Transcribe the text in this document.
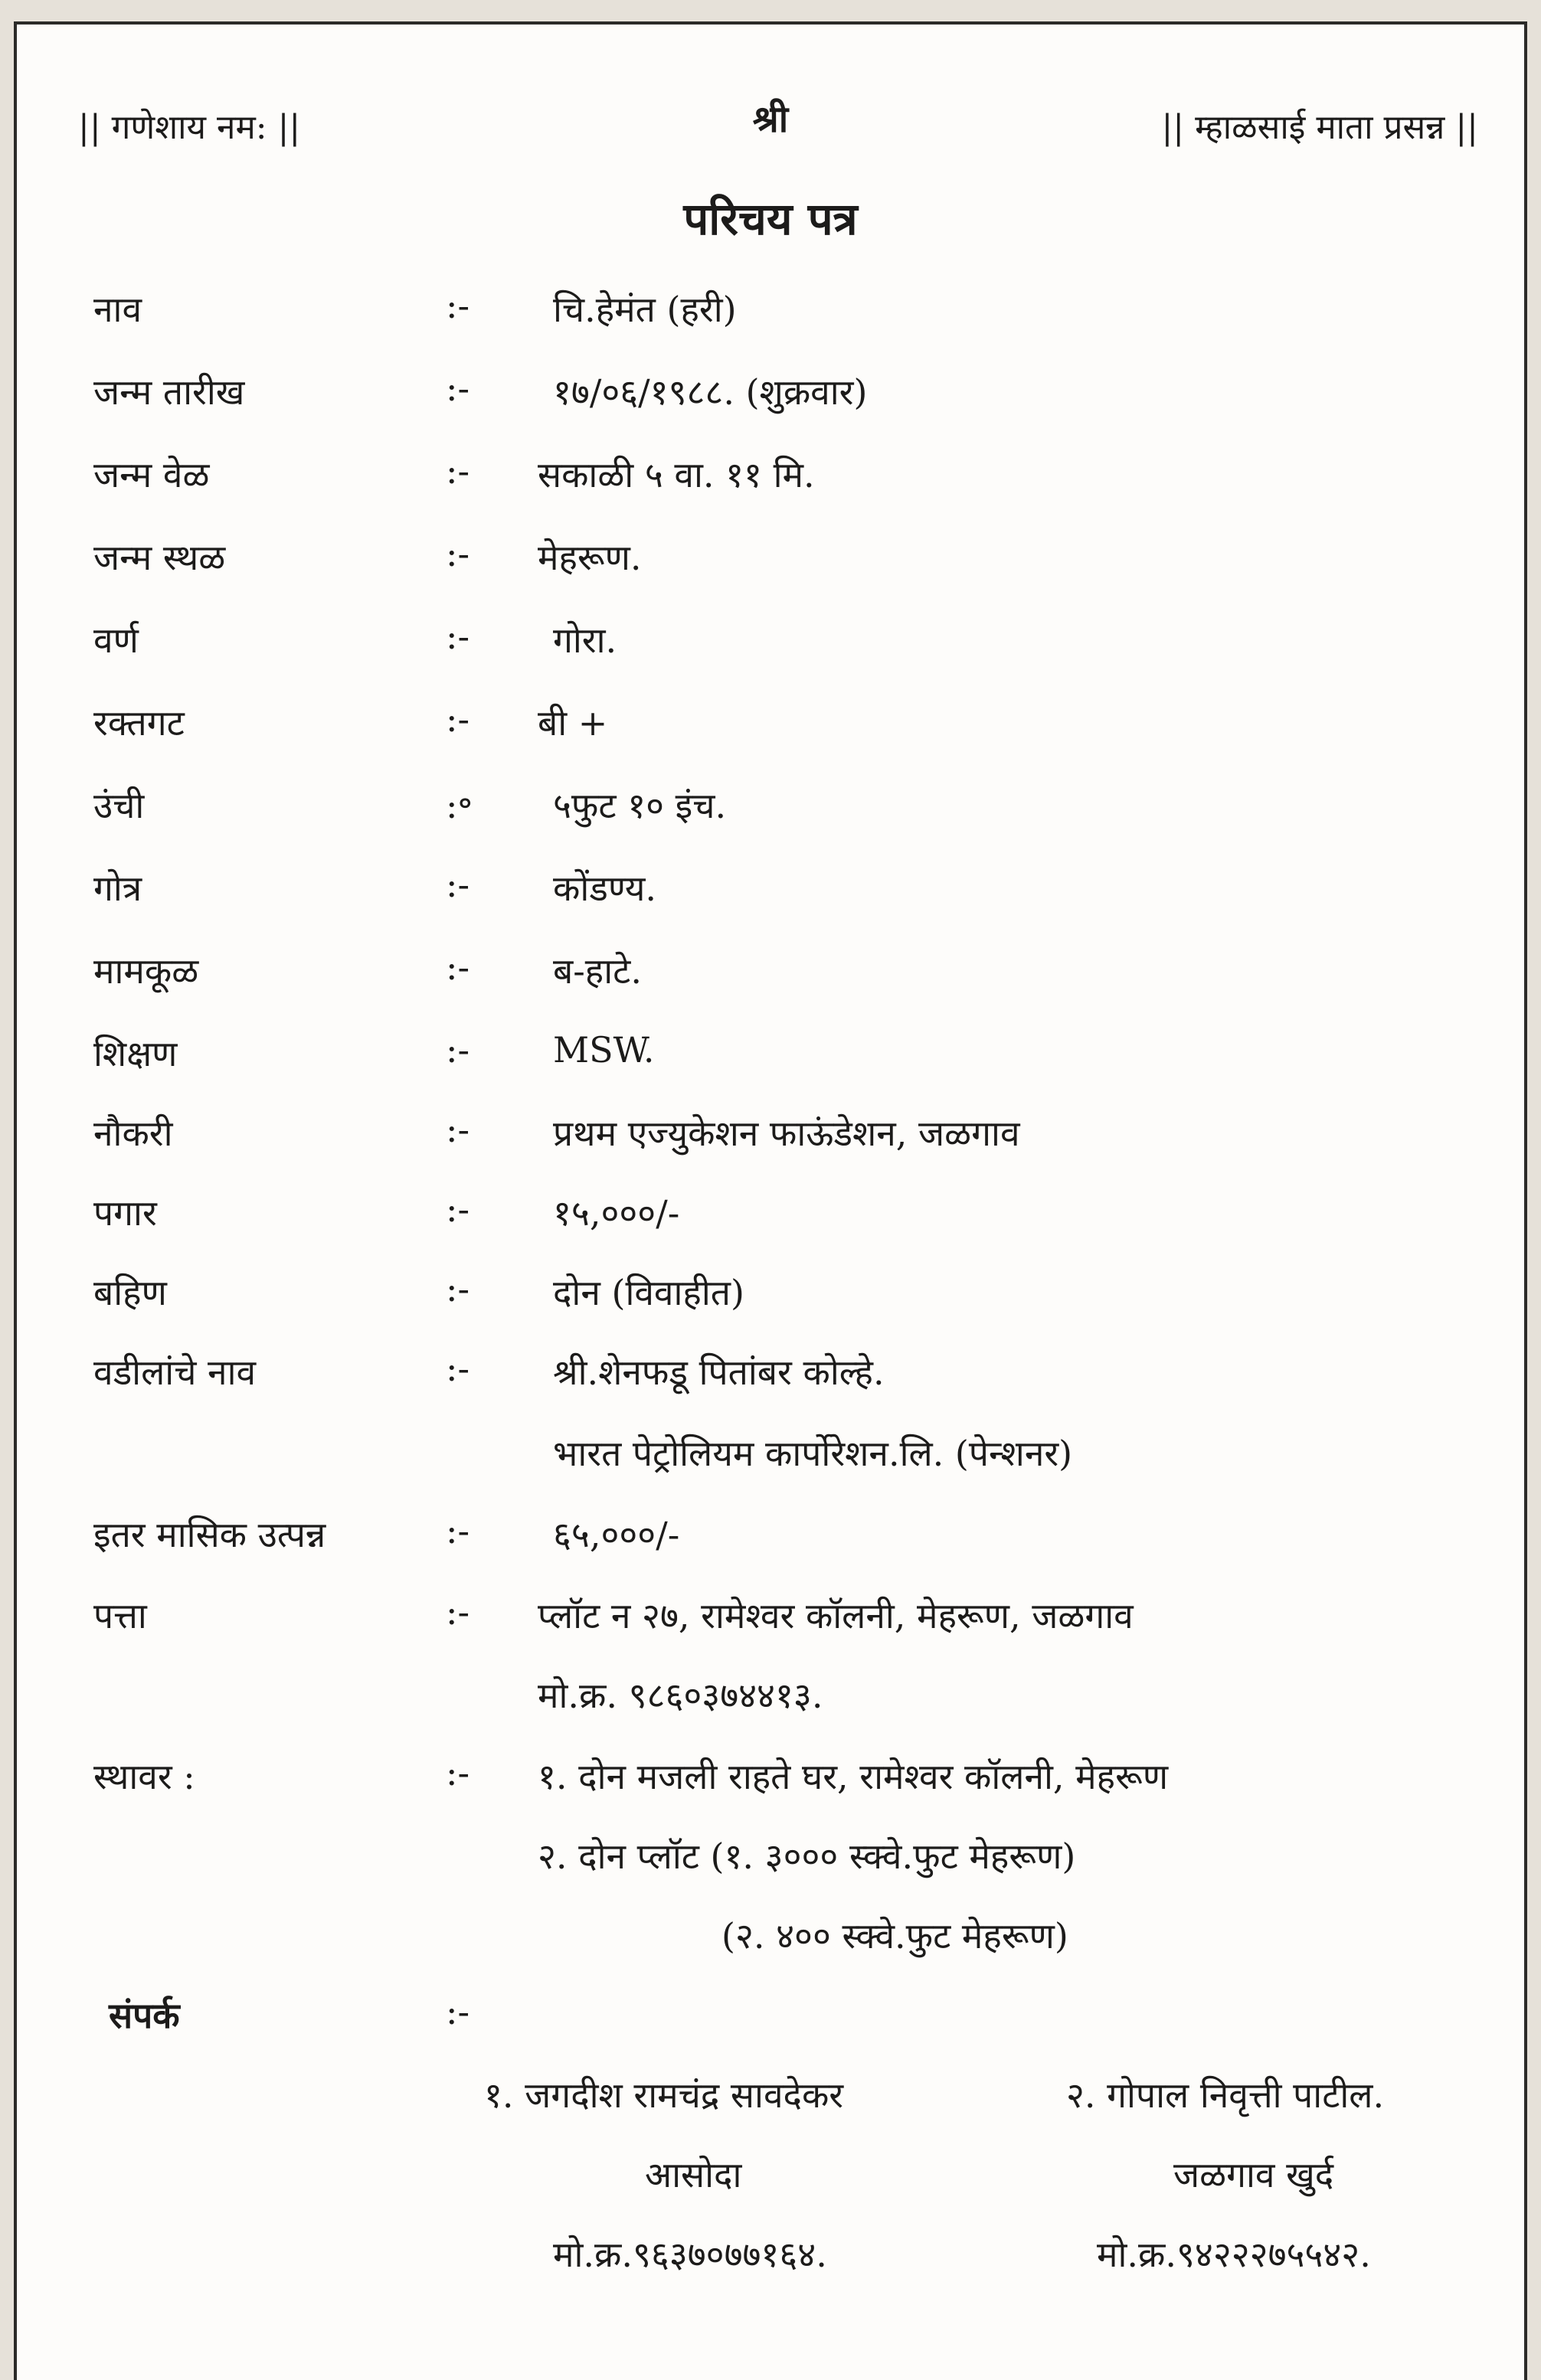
|| गणेशाय नम: ||	श्री	|| म्हाळसाई माता प्रसन्न ||
परिचय पत्र
नाव	:- चि.हेमंत (हरी)
जन्म तारीख	:- १७/०६/१९८८. (शुक्रवार)
जन्म वेळ	:- सकाळी ५ वा. ११ मि.
जन्म स्थळ	:- मेहरूण.
वर्ण	:- गोरा.
रक्तगट	:- बी +
उंची	:॰ ५फुट १० इंच.
गोत्र	:- कोंडण्य.
मामकूळ	:- ब-हाटे.
शिक्षण	:- MSW.
नौकरी	:- प्रथम एज्युकेशन फाऊंडेशन, जळगाव
पगार	:- १५,०००/-
बहिण	:- दोन (विवाहीत)
वडीलांचे नाव	:- श्री.शेनफडू पितांबर कोल्हे.
भारत पेट्रोलियम कार्पोरेशन.लि. (पेन्शनर)
इतर मासिक उत्पन्न	:- ६५,०००/-
पत्ता	:- प्लॉट न २७, रामेश्वर कॉलनी, मेहरूण, जळगाव
मो.क्र. ९८६०३७४४१३.
स्थावर :	:- १. दोन मजली राहते घर, रामेश्वर कॉलनी, मेहरूण
२. दोन प्लॉट (१. ३००० स्क्वे.फुट मेहरूण)
(२. ४०० स्क्वे.फुट मेहरूण)
संपर्क	:-
१. जगदीश रामचंद्र सावदेकर
आसोदा
मो.क्र.९६३७०७७१६४.
२. गोपाल निवृत्ती पाटील.
जळगाव खुर्द
मो.क्र.९४२२२७५५४२.
